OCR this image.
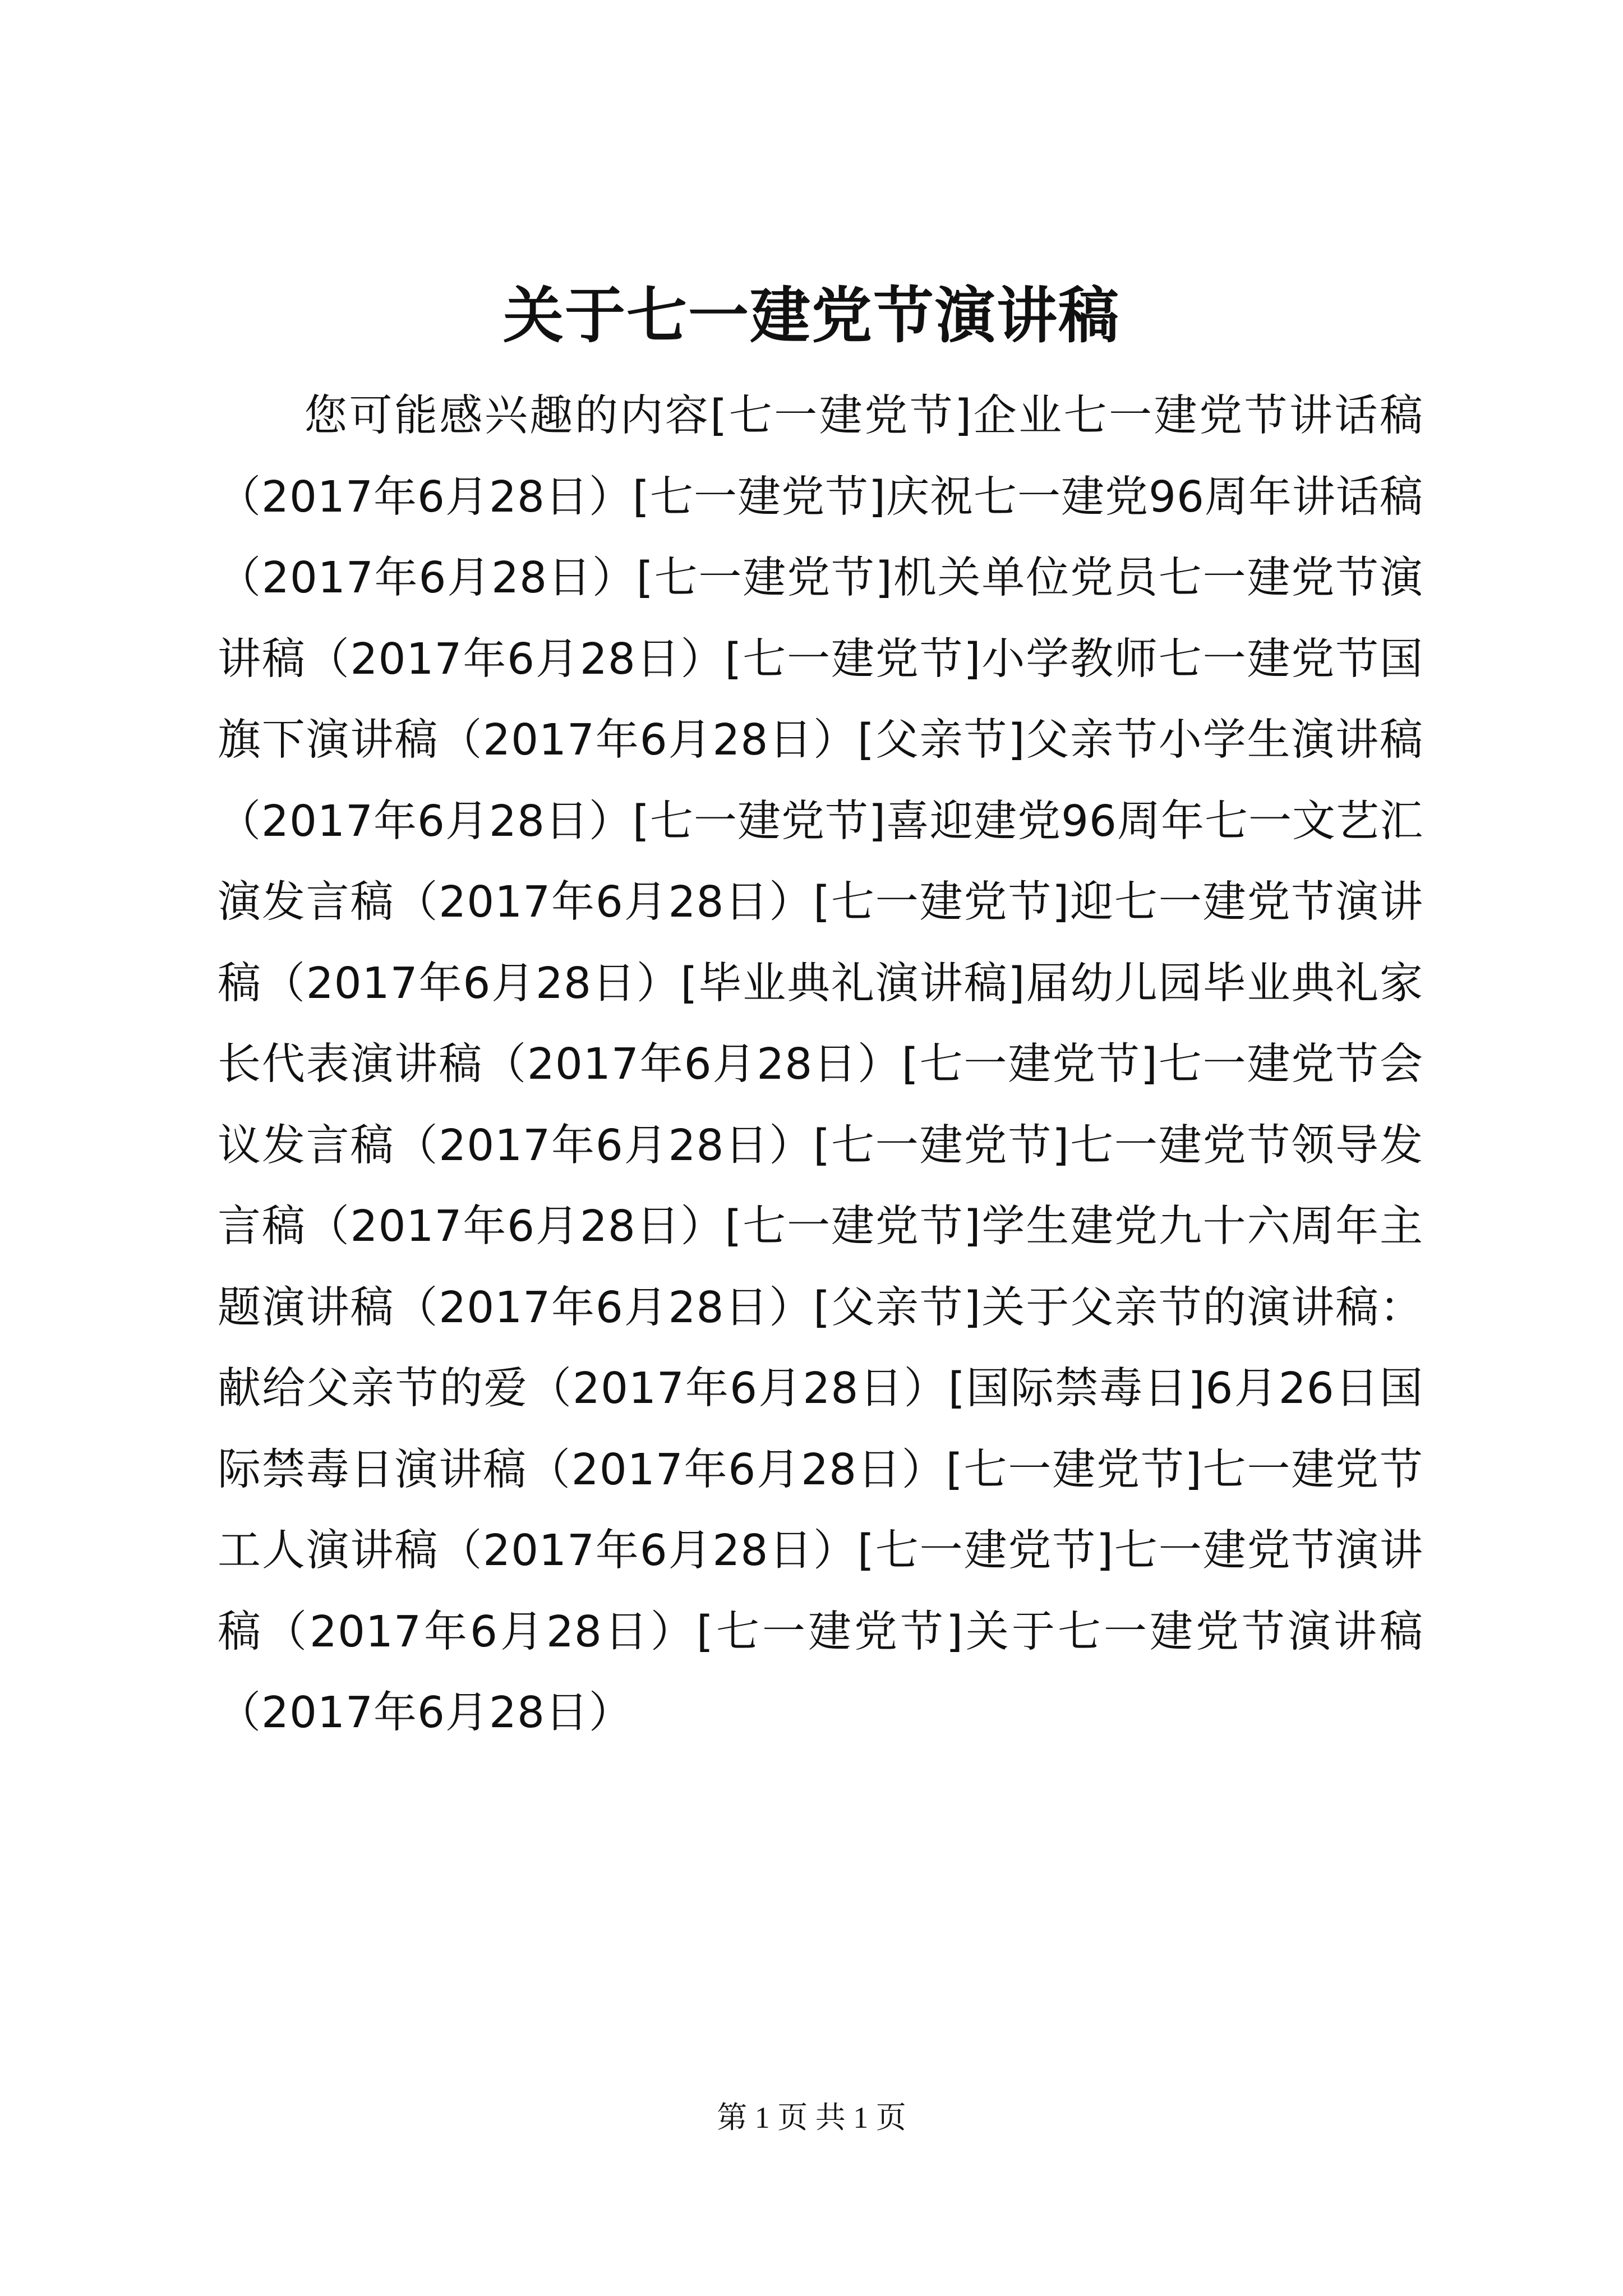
关于七一建党节演讲稿

您可能感兴趣的内容[七一建党节]企业七一建党节讲话稿（2017年6月28日）[七一建党节]庆祝七一建党96周年讲话稿（2017年6月28日）[七一建党节]机关单位党员七一建党节演讲稿（2017年6月28日）[七一建党节]小学教师七一建党节国旗下演讲稿（2017年6月28日）[父亲节]父亲节小学生演讲稿（2017年6月28日）[七一建党节]喜迎建党96周年七一文艺汇演发言稿（2017年6月28日）[七一建党节]迎七一建党节演讲稿（2017年6月28日）[毕业典礼演讲稿]届幼儿园毕业典礼家长代表演讲稿（2017年6月28日）[七一建党节]七一建党节会议发言稿（2017年6月28日）[七一建党节]七一建党节领导发言稿（2017年6月28日）[七一建党节]学生建党九十六周年主题演讲稿（2017年6月28日）[父亲节]关于父亲节的演讲稿：献给父亲节的爱（2017年6月28日）[国际禁毒日]6月26日国际禁毒日演讲稿（2017年6月28日）[七一建党节]七一建党节工人演讲稿（2017年6月28日）[七一建党节]七一建党节演讲稿（2017年6月28日）[七一建党节]关于七一建党节演讲稿（2017年6月28日）

第 1 页 共 1 页
